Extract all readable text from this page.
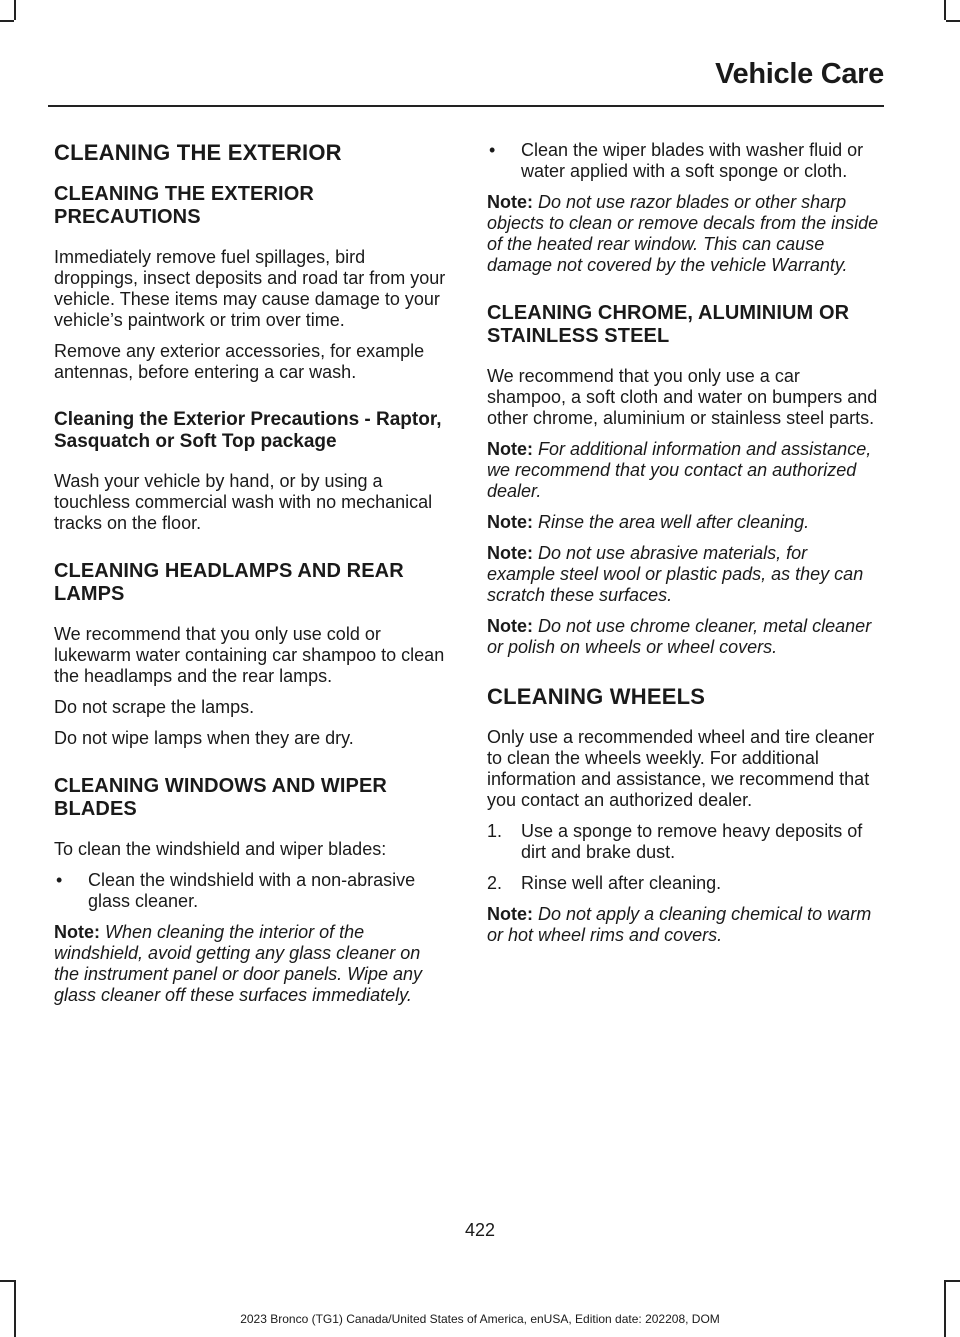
Vehicle Care
CLEANING THE EXTERIOR
CLEANING THE EXTERIOR PRECAUTIONS

Immediately remove fuel spillages, bird droppings, insect deposits and road tar from your vehicle. These items may cause damage to your vehicle’s paintwork or trim over time.

Remove any exterior accessories, for example antennas, before entering a car wash.

Cleaning the Exterior Precautions - Raptor, Sasquatch or Soft Top package

Wash your vehicle by hand, or by using a touchless commercial wash with no mechanical tracks on the floor.

CLEANING HEADLAMPS AND REAR LAMPS

We recommend that you only use cold or lukewarm water containing car shampoo to clean the headlamps and the rear lamps.

Do not scrape the lamps.

Do not wipe lamps when they are dry.

CLEANING WINDOWS AND WIPER BLADES

To clean the windshield and wiper blades:

• Clean the windshield with a non-abrasive glass cleaner.

Note: When cleaning the interior of the windshield, avoid getting any glass cleaner on the instrument panel or door panels. Wipe any glass cleaner off these surfaces immediately.

• Clean the wiper blades with washer fluid or water applied with a soft sponge or cloth.

Note: Do not use razor blades or other sharp objects to clean or remove decals from the inside of the heated rear window. This can cause damage not covered by the vehicle Warranty.

CLEANING CHROME, ALUMINIUM OR STAINLESS STEEL

We recommend that you only use a car shampoo, a soft cloth and water on bumpers and other chrome, aluminium or stainless steel parts.

Note: For additional information and assistance, we recommend that you contact an authorized dealer.

Note: Rinse the area well after cleaning.

Note: Do not use abrasive materials, for example steel wool or plastic pads, as they can scratch these surfaces.

Note: Do not use chrome cleaner, metal cleaner or polish on wheels or wheel covers.

CLEANING WHEELS

Only use a recommended wheel and tire cleaner to clean the wheels weekly. For additional information and assistance, we recommend that you contact an authorized dealer.

1. Use a sponge to remove heavy deposits of dirt and brake dust.
2. Rinse well after cleaning.

Note: Do not apply a cleaning chemical to warm or hot wheel rims and covers.

422
2023 Bronco (TG1) Canada/United States of America, enUSA, Edition date: 202208, DOM
